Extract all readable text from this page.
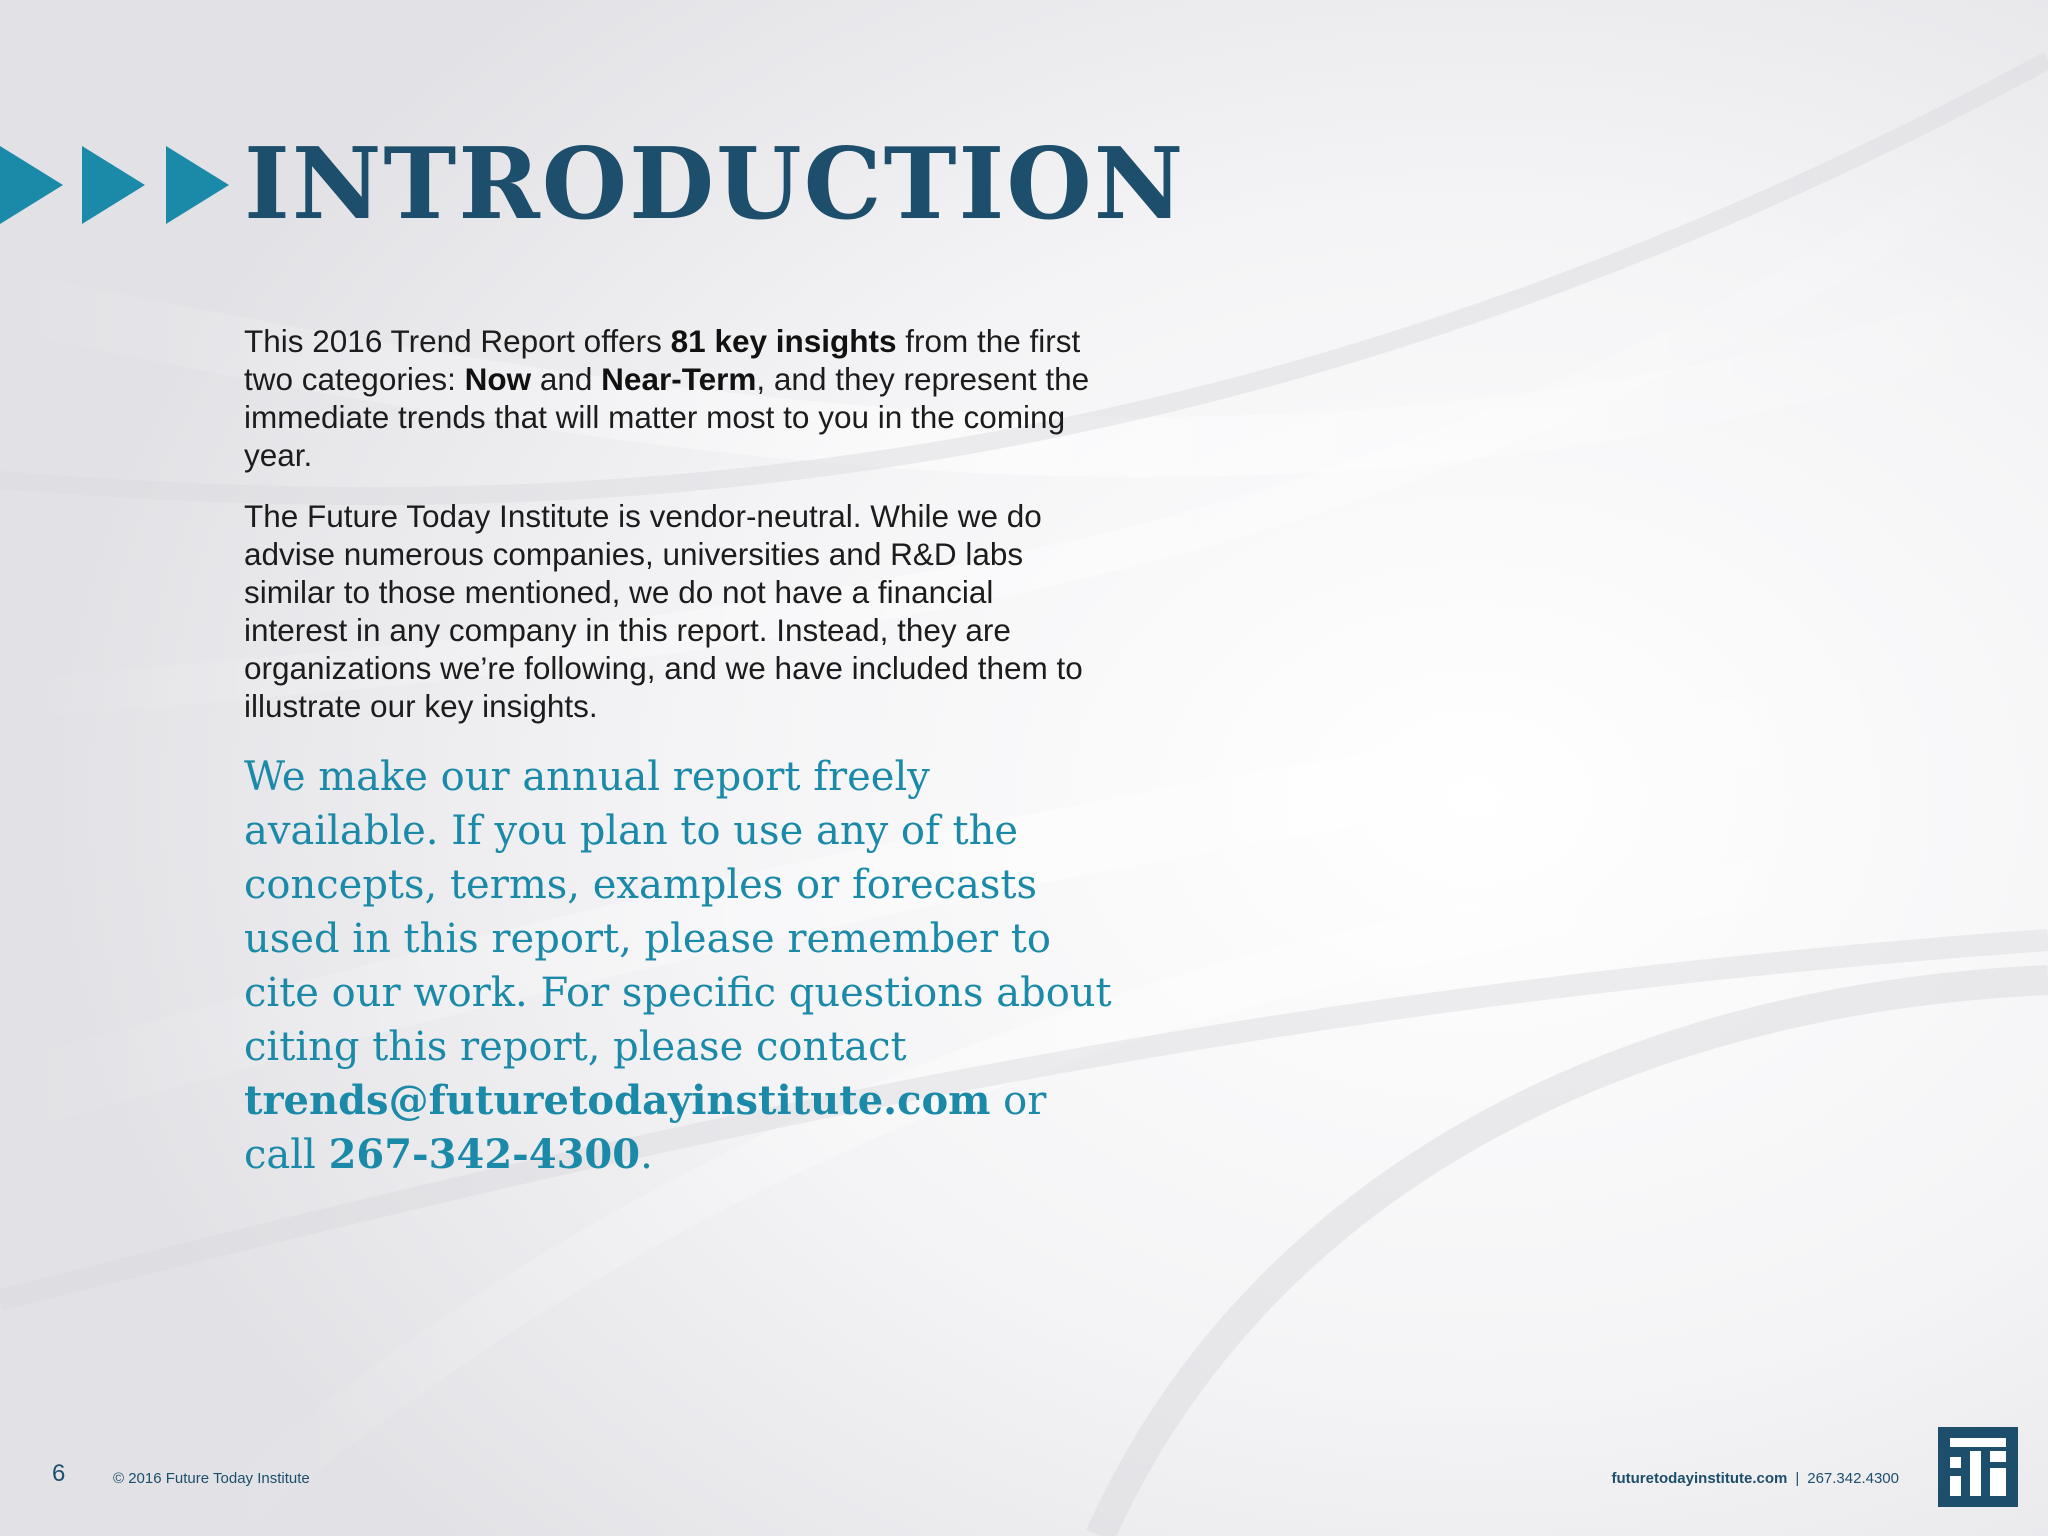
INTRODUCTION

This 2016 Trend Report offers 81 key insights from the first two categories: Now and Near-Term, and they represent the immediate trends that will matter most to you in the coming year.

The Future Today Institute is vendor-neutral. While we do advise numerous companies, universities and R&D labs similar to those mentioned, we do not have a financial interest in any company in this report. Instead, they are organizations we’re following, and we have included them to illustrate our key insights.

We make our annual report freely available. If you plan to use any of the concepts, terms, examples or forecasts used in this report, please remember to cite our work. For specific questions about citing this report, please contact trends@futuretodayinstitute.com or call 267-342-4300.

6	© 2016 Future Today Institute	futuretodayinstitute.com | 267.342.4300
